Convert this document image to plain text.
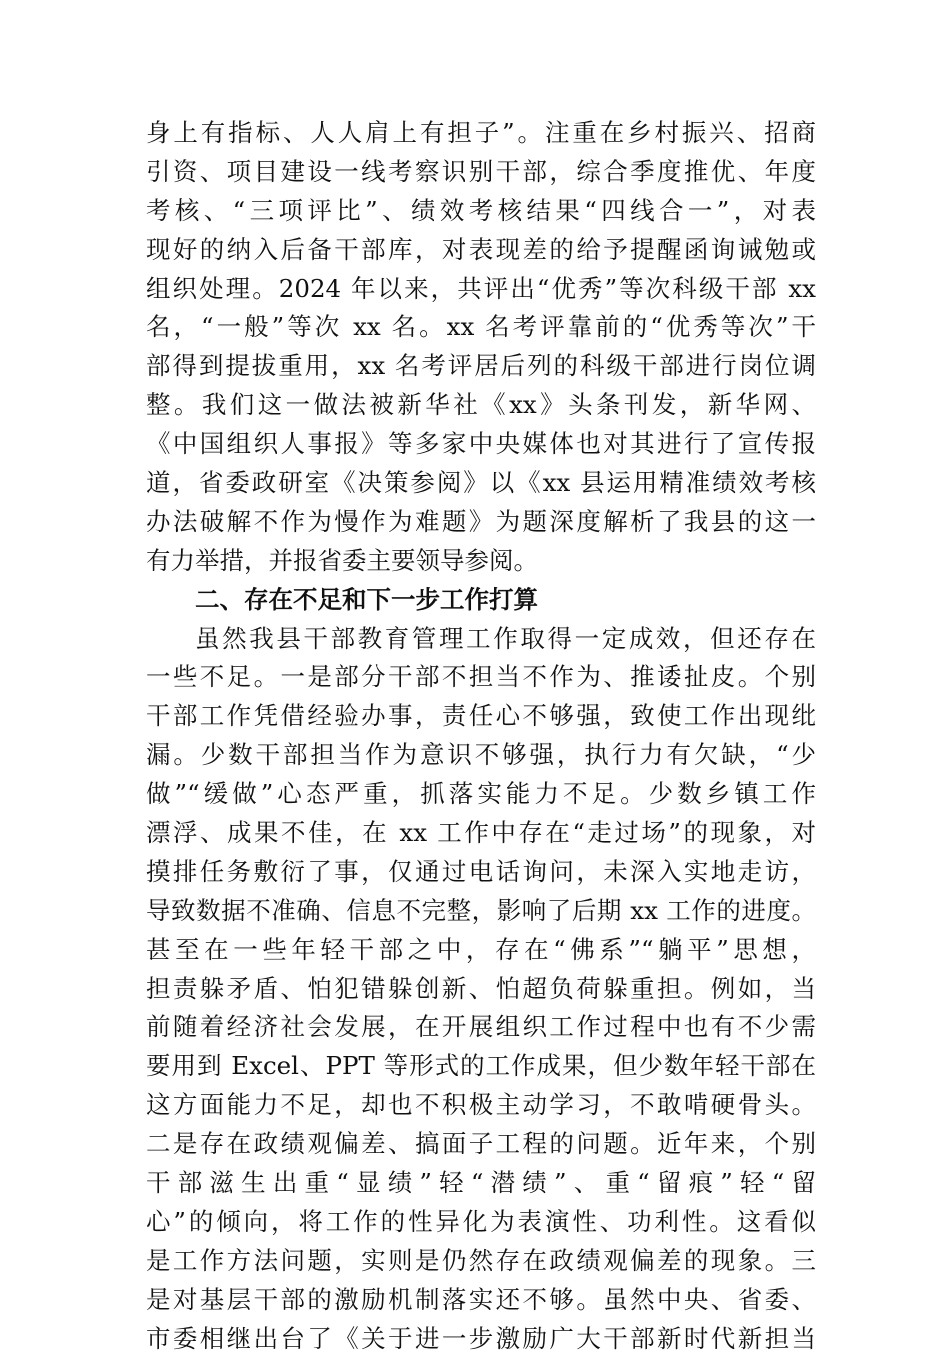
身上有指标、人人肩上有担子”。注重在乡村振兴、招商
引资、项目建设一线考察识别干部，综合季度推优、年度
考核、“三项评比”、绩效考核结果“四线合一”，对表
现好的纳入后备干部库，对表现差的给予提醒函询诫勉或
组织处理。2024 年以来，共评出“优秀”等次科级干部 xx
名，“一般”等次 xx 名。xx 名考评靠前的“优秀等次”干
部得到提拔重用，xx 名考评居后列的科级干部进行岗位调
整。我们这一做法被新华社《xx》头条刊发，新华网、
《中国组织人事报》等多家中央媒体也对其进行了宣传报
道，省委政研室《决策参阅》以《xx 县运用精准绩效考核
办法破解不作为慢作为难题》为题深度解析了我县的这一
有力举措，并报省委主要领导参阅。
二、存在不足和下一步工作打算
虽然我县干部教育管理工作取得一定成效，但还存在
一些不足。一是部分干部不担当不作为、推诿扯皮。个别
干部工作凭借经验办事，责任心不够强，致使工作出现纰
漏。少数干部担当作为意识不够强，执行力有欠缺，“少
做”“缓做”心态严重，抓落实能力不足。少数乡镇工作
漂浮、成果不佳，在 xx 工作中存在“走过场”的现象，对
摸排任务敷衍了事，仅通过电话询问，未深入实地走访，
导致数据不准确、信息不完整，影响了后期 xx 工作的进度。
甚至在一些年轻干部之中，存在“佛系”“躺平”思想，
担责躲矛盾、怕犯错躲创新、怕超负荷躲重担。例如，当
前随着经济社会发展，在开展组织工作过程中也有不少需
要用到 Excel、PPT 等形式的工作成果，但少数年轻干部在
这方面能力不足，却也不积极主动学习，不敢啃硬骨头。
二是存在政绩观偏差、搞面子工程的问题。近年来，个别
干部滋生出重“显绩”轻“潜绩”、重“留痕”轻“留
心”的倾向，将工作的性异化为表演性、功利性。这看似
是工作方法问题，实则是仍然存在政绩观偏差的现象。三
是对基层干部的激励机制落实还不够。虽然中央、省委、
市委相继出台了《关于进一步激励广大干部新时代新担当
